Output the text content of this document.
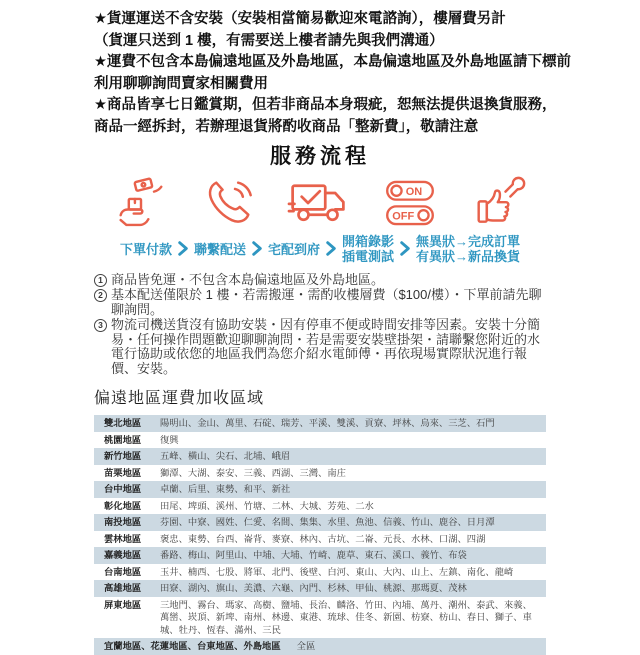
★貨運運送不含安裝（安裝相當簡易歡迎來電諮詢），樓層費另計

（貨運只送到 1 樓，有需要送上樓者請先與我們溝通）

★運費不包含本島偏遠地區及外島地區，本島偏遠地區及外島地區請下標前

利用聊聊詢問賣家相關費用

★商品皆享七日鑑賞期，但若非商品本身瑕疵，恕無法提供退換貨服務，

商品一經拆封，若辦理退貨將酌收商品「整新費」，敬請注意

服務流程
ON
OFF
下單付款 聯繫配送 宅配到府
開箱錄影
插電測試
無異狀→完成訂單
有異狀→新品換貨
1 商品皆免運・不包含本島偏遠地區及外島地區。
2 基本配送僅限於 1 樓・若需搬運・需酌收樓層費（$100/樓）・下單前請先聊聊詢問。
3 物流司機送貨沒有協助安裝・因有停車不便或時間安排等因素。安裝十分簡易・任何操作問題歡迎聊聊詢問・若是需要安裝壁掛架・請聯繫您附近的水電行協助或依您的地區我們為您介紹水電師傅・再依現場實際狀況進行報價、安裝。
偏遠地區運費加收區域
雙北地區	陽明山、金山、萬里、石碇、瑞芳、平溪、雙溪、貢寮、坪林、烏來、三芝、石門
桃園地區	復興
新竹地區	五峰、橫山、尖石、北埔、峨眉
苗栗地區	獅潭、大湖、泰安、三義、西湖、三灣、南庄
台中地區	卓蘭、后里、東勢、和平、新社
彰化地區	田尾、埤頭、溪州、竹塘、二林、大城、芳苑、二水
南投地區	芬園、中寮、國姓、仁愛、名間、集集、水里、魚池、信義、竹山、鹿谷、日月潭
雲林地區	褒忠、東勢、台西、崙背、麥寮、林內、古坑、二崙、元長、水林、口湖、四湖
嘉義地區	番路、梅山、阿里山、中埔、大埔、竹崎、鹿草、東石、溪口、義竹、布袋
台南地區	玉井、楠西、七股、將軍、北門、後壁、白河、東山、大內、山上、左鎮、南化、龍崎
高雄地區	田寮、湖內、旗山、美濃、六龜、內門、杉林、甲仙、桃源、那瑪夏、茂林
屏東地區	三地門、霧台、瑪家、高樹、鹽埔、長治、麟洛、竹田、內埔、萬丹、潮州、泰武、來義、萬巒、崁頂、新埤、南州、林邊、東港、琉球、佳冬、新園、枋寮、枋山、春日、獅子、車城、牡丹、恆春、滿州、三民
宜蘭地區、花蓮地區、台東地區、外島地區 全區
